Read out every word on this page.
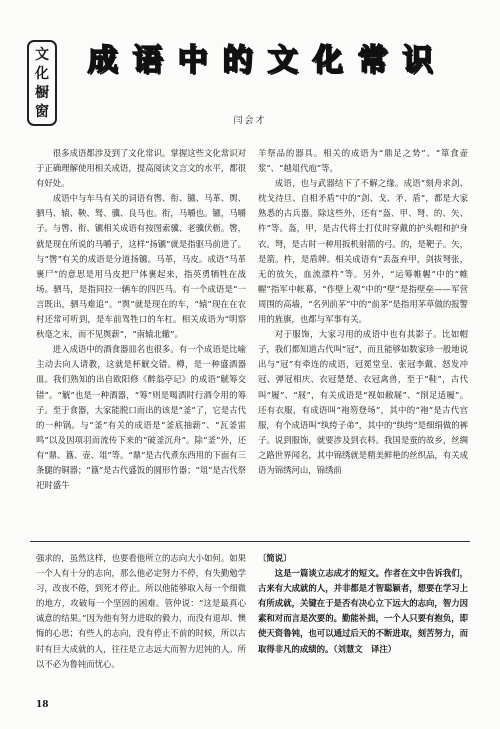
文
化
橱
窗
成 语 中 的 文 化 常 识
闫会才

很多成语都涉及到了文化常识。掌握这些文化常识对于正确理解使用相关成语，提高阅读文言文的水平，都很有好处。

成语中与车马有关的词语有辔、衔、镳、马革、舆、驷马、辕、鞅、驽、骥、良马也。衔，马嚼也。镳，马嚼子。与辔、衔、镳相关成语有按图索骥、老骥伏枥。辔，就是现在所说的马嚼子，这样“扬镳”就是指驱马前进了。与“辔”有关的成语是分道扬镳。马革，马皮。成语“马革裹尸”的意思是用马皮把尸体裹起来，指英勇牺牲在战场。驷马，是指同拉一辆车的四匹马。有一个成语是“一言既出，驷马难追”。“舆”就是现在的车，“辕”现在在农村还常可听到，是车前驾牲口的车杠。相关成语为“明察秋毫之末，而不见舆薪”，“南辕北辙”。

进入成语中的酒食器皿名也很多。有一个成语是比喻主动去向人请教，这就是杯觥交错。樽，是一种盛酒器皿。我们熟知的出自欧阳修《醉翁亭记》的成语“觥筹交错”。“觥”也是一种酒器，“筹”则是喝酒时行酒令用的筹子。至于食器，大家能脱口而出的该是“釜”了，它是古代的一种锅。与“釜”有关的成语是“釜底抽薪”、“瓦釜雷鸣”以及因项羽而流传下来的“破釜沉舟”。除“釜”外，还有“鼎、簋、壶、俎”等。“鼎”是古代煮东西用的下面有三条腿的铜器；“簋”是古代盛饭的圆形竹器；“俎”是古代祭祀时盛牛

羊祭品的器具。相关的成语为“鼎足之势”、“箪食壶浆”、“越俎代庖”等。

成语，也与武器结下了不解之缘。成语“刻舟求剑、枕戈待旦、自相矛盾”中的“剑、戈、矛、盾”，都是大家熟悉的古兵器。除这些外，还有“盔、甲、弩、的、矢、杵”等。盔，甲，是古代将士打仗时穿戴的护头帽和护身衣。弩，是古时一种用扳机射箭的弓。的，是靶子。矢，是箭。杵，是盾牌。相关成语有“丢盔弃甲，剑拔弩张，无的放矢，血流漂杵”等。另外，“运筹帷幄”中的“帷幄”指军中帐幕，“作壁上观”中的“壁”是指壁垒——军营周围的高墙，“名列前茅”中的“前茅”是指用茅草做的报警用的旌旗，也都与军事有关。

对于服饰，大家习用的成语中也有其影子。比如帽子，我们都知道古代叫“冠”，而且能够如数家珍一般地说出与“冠”有牵连的成语，冠冕堂皇、张冠李戴、怒发冲冠、弹冠相庆、衣冠楚楚、衣冠禽兽，至于“鞋”，古代叫“履”、“屐”，有关成语是“视如敝屣”、“削足适履”。还有衣服，有成语叫“袍笏登场”，其中的“袍”是古代官服，有个成语叫“纨绔子弟”，其中的“纨绔”是细绢做的裤子。说到服饰，就要涉及到衣料。我国是蚕的故乡，丝绸之路世界闻名，其中锦绣就是精美鲜艳的丝织品，有关成语为锦绣河山，锦绣前

强求的，虽然这样，也要看他所立的志向大小如何。如果一个人有十分的志向，那么他必定努力不停，有失勤勉学习，改夜不倦，到死才停止。所以他能够取入每一个细微的地方，攻破每一个坚固的困难。管仲说：“这是最真心诚意的结果。”因为他有努力进取的毅力，而没有退却、懊悔的心思；有些人的志向，没有停止不前的时候，所以古时有巨大成就的人，往往是立志远大而智力迟钝的人。所以不必为鲁钝而忧心。

〔简说〕

这是一篇谈立志成才的短文。作者在文中告诉我们，古来有大成就的人，并非都是才智聪颖者，想要在学习上有所成就，关键在于是否有决心立下远大的志向，智力因素和对而言是次要的。勤能补拙，一个人只要有抱负，即使天资鲁钝，也可以通过后天的不断进取，刻苦努力，而取得非凡的成绩的。（刘慧文　译注）

18
